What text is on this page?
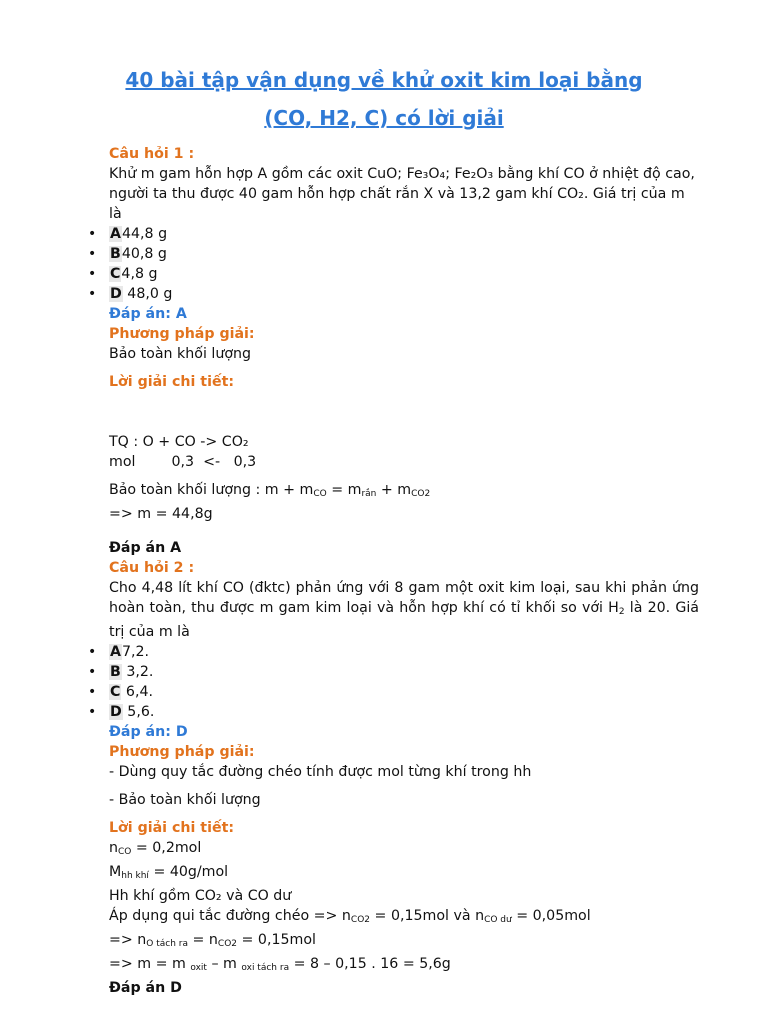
40 bài tập vận dụng về khử oxit kim loại bằng
(CO, H2, C) có lời giải

Câu hỏi 1 :

Khử m gam hỗn hợp A gồm các oxit CuO; Fe₃O₄; Fe₂O₃ bằng khí CO ở nhiệt độ cao, người ta thu được 40 gam hỗn hợp chất rắn X và 13,2 gam khí CO₂. Giá trị của m là

• A44,8 g
• B40,8 g
• C4,8 g
• D 48,0 g

Đáp án: A

Phương pháp giải:

Bảo toàn khối lượng

Lời giải chi tiết:

TQ : O + CO -> CO₂

mol        0,3  <-   0,3

Bảo toàn khối lượng : $m + m_{CO} = m_{rắn} + m_{CO2}$

=> m = 44,8g

Đáp án A

Câu hỏi 2 :

Cho 4,48 lít khí CO (đktc) phản ứng với 8 gam một oxit kim loại, sau khi phản ứng hoàn toàn, thu được m gam kim loại và hỗn hợp khí có tỉ khối so với $H_2$ là 20. Giá trị của m là

• A7,2.
• B 3,2.
• C 6,4.
• D 5,6.

Đáp án: D

Phương pháp giải:

- Dùng quy tắc đường chéo tính được mol từng khí trong hh

- Bảo toàn khối lượng

Lời giải chi tiết:

$n_{CO} = 0,2mol$

$M_{hh khí} = 40g/mol$

Hh khí gồm CO₂ và CO dư

Áp dụng qui tắc đường chéo => $n_{CO2} = 0,15mol$ và $n_{CO dư} = 0,05mol$

=> $n_{O tách ra} = n_{CO2} = 0,15mol$

=> m = m $_{oxit}$ – m $_{oxi tách ra}$ = 8 – 0,15 . 16 = 5,6g

Đáp án D
